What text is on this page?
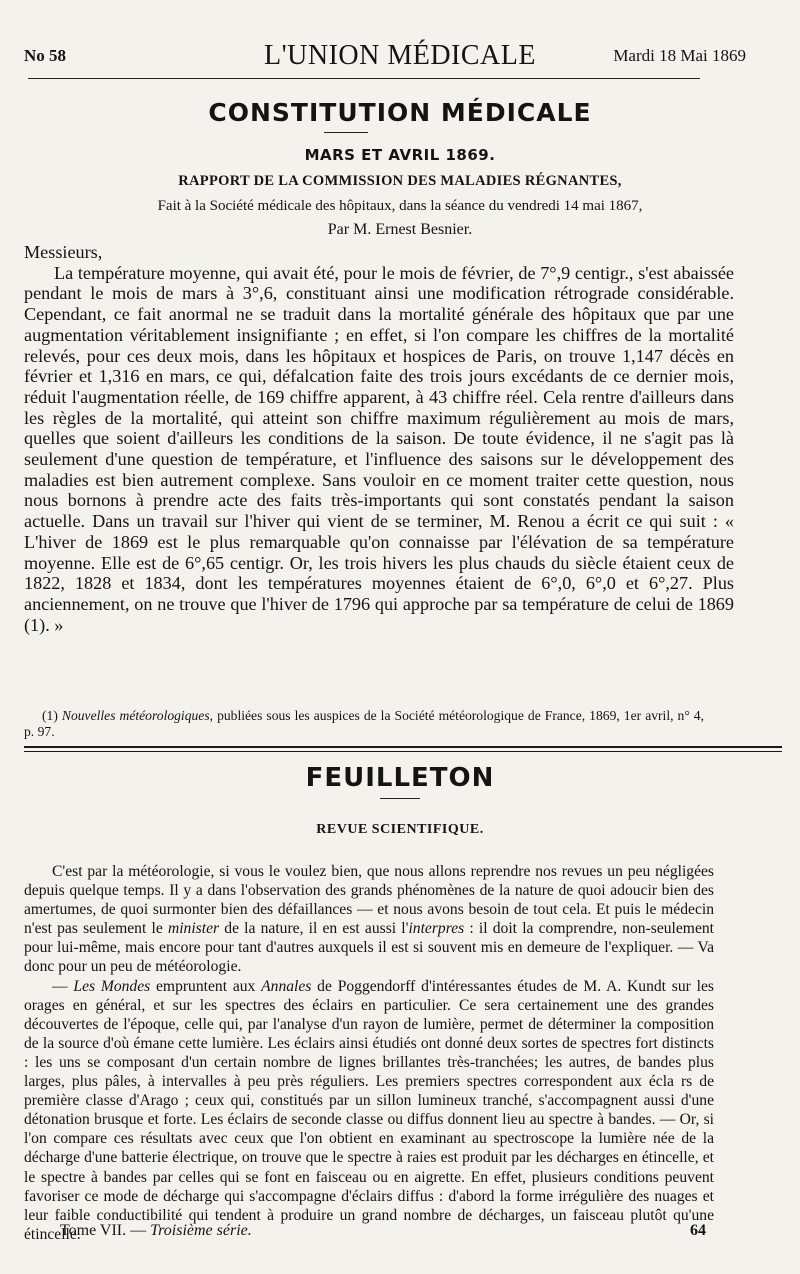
No 58	L'UNION MÉDICALE	Mardi 18 Mai 1869
CONSTITUTION MÉDICALE
MARS ET AVRIL 1869.
RAPPORT DE LA COMMISSION DES MALADIES RÉGNANTES,
Fait à la Société médicale des hôpitaux, dans la séance du vendredi 14 mai 1867,
Par M. Ernest Besnier.

Messieurs,

La température moyenne, qui avait été, pour le mois de février, de 7°,9 centigr., s'est abaissée pendant le mois de mars à 3°,6, constituant ainsi une modification rétrograde considérable. Cependant, ce fait anormal ne se traduit dans la mortalité générale des hôpitaux que par une augmentation véritablement insignifiante ; en effet, si l'on compare les chiffres de la mortalité relevés, pour ces deux mois, dans les hôpitaux et hospices de Paris, on trouve 1,147 décès en février et 1,316 en mars, ce qui, défalcation faite des trois jours excédants de ce dernier mois, réduit l'augmentation réelle, de 169 chiffre apparent, à 43 chiffre réel. Cela rentre d'ailleurs dans les règles de la mortalité, qui atteint son chiffre maximum régulièrement au mois de mars, quelles que soient d'ailleurs les conditions de la saison. De toute évidence, il ne s'agit pas là seulement d'une question de température, et l'influence des saisons sur le développement des maladies est bien autrement complexe. Sans vouloir en ce moment traiter cette question, nous nous bornons à prendre acte des faits très-importants qui sont constatés pendant la saison actuelle. Dans un travail sur l'hiver qui vient de se terminer, M. Renou a écrit ce qui suit : « L'hiver de 1869 est le plus remarquable qu'on connaisse par l'élévation de sa température moyenne. Elle est de 6°,65 centigr. Or, les trois hivers les plus chauds du siècle étaient ceux de 1822, 1828 et 1834, dont les températures moyennes étaient de 6°,0, 6°,0 et 6°,27. Plus anciennement, on ne trouve que l'hiver de 1796 qui approche par sa température de celui de 1869 (1). »

(1) Nouvelles météorologiques, publiées sous les auspices de la Société météorologique de France, 1869, 1er avril, n° 4, p. 97.
FEUILLETON
REVUE SCIENTIFIQUE.

C'est par la météorologie, si vous le voulez bien, que nous allons reprendre nos revues un peu négligées depuis quelque temps. Il y a dans l'observation des grands phénomènes de la nature de quoi adoucir bien des amertumes, de quoi surmonter bien des défaillances — et nous avons besoin de tout cela. Et puis le médecin n'est pas seulement le minister de la nature, il en est aussi l'interpres : il doit la comprendre, non-seulement pour lui-même, mais encore pour tant d'autres auxquels il est si souvent mis en demeure de l'expliquer. — Va donc pour un peu de météorologie.

— Les Mondes empruntent aux Annales de Poggendorff d'intéressantes études de M. A. Kundt sur les orages en général, et sur les spectres des éclairs en particulier. Ce sera certainement une des grandes découvertes de l'époque, celle qui, par l'analyse d'un rayon de lumière, permet de déterminer la composition de la source d'où émane cette lumière. Les éclairs ainsi étudiés ont donné deux sortes de spectres fort distincts : les uns se composant d'un certain nombre de lignes brillantes très-tranchées; les autres, de bandes plus larges, plus pâles, à intervalles à peu près réguliers. Les premiers spectres correspondent aux écla rs de première classe d'Arago ; ceux qui, constitués par un sillon lumineux tranché, s'accompagnent aussi d'une détonation brusque et forte. Les éclairs de seconde classe ou diffus donnent lieu au spectre à bandes. — Or, si l'on compare ces résultats avec ceux que l'on obtient en examinant au spectroscope la lumière née de la décharge d'une batterie électrique, on trouve que le spectre à raies est produit par les décharges en étincelle, et le spectre à bandes par celles qui se font en faisceau ou en aigrette. En effet, plusieurs conditions peuvent favoriser ce mode de décharge qui s'accompagne d'éclairs diffus : d'abord la forme irrégulière des nuages et leur faible conductibilité qui tendent à produire un grand nombre de décharges, un faisceau plutôt qu'une étincelle.

Tome VII. — Troisième série.	64
